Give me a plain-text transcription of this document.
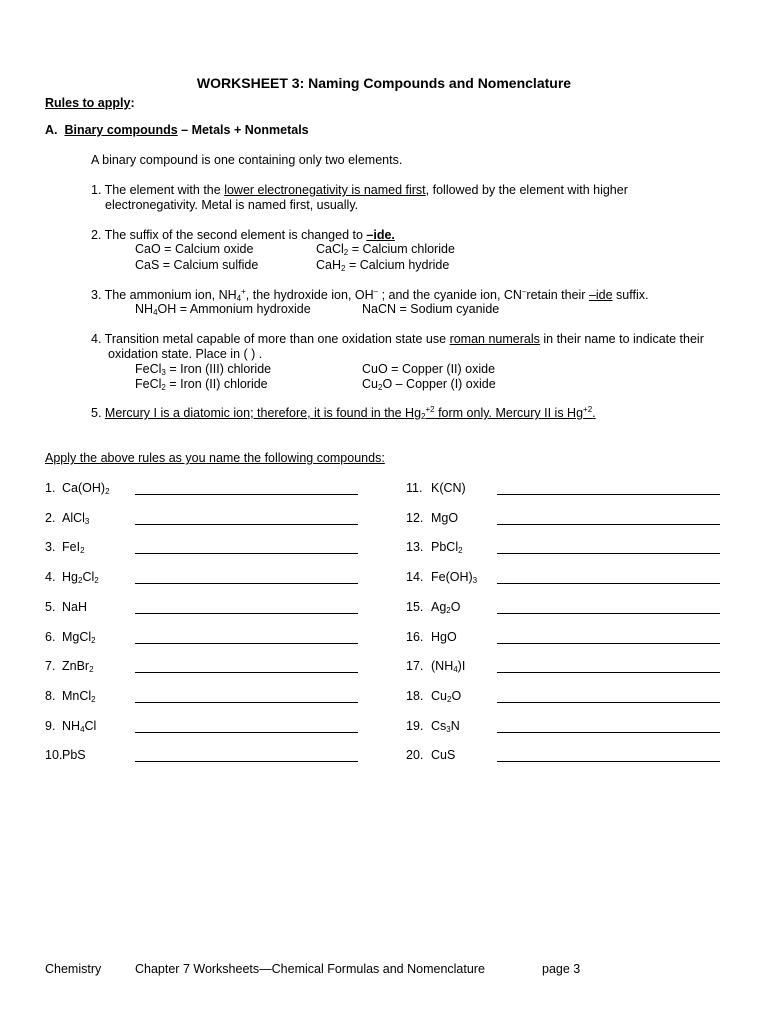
WORKSHEET 3: Naming Compounds and Nomenclature
Rules to apply:
A. Binary compounds – Metals + Nonmetals
A binary compound is one containing only two elements.
1. The element with the lower electronegativity is named first, followed by the element with higher
electronegativity. Metal is named first, usually.
2. The suffix of the second element is changed to –ide.
CaO = Calcium oxide	CaCl$_2$ = Calcium chloride
CaS = Calcium sulfide	CaH$_2$ = Calcium hydride
3. The ammonium ion, $NH_4^+$, the hydroxide ion, OH– ; and the cyanide ion, CN–retain their –ide suffix.
$NH_4OH$ = Ammonium hydroxide	NaCN = Sodium cyanide
4. Transition metal capable of more than one oxidation state use roman numerals in their name to indicate their
oxidation state. Place in ( ) .
FeCl$_3$ = Iron (III) chloride	CuO = Copper (II) oxide
FeCl$_2$ = Iron (II) chloride	$Cu_2O$ – Copper (I) oxide
5. Mercury I is a diatomic ion; therefore, it is found in the $Hg_2^{+2}$ form only. Mercury II is $Hg^{+2}$.
Apply the above rules as you name the following compounds:
1. $Ca(OH)_2$
2. AlCl$_3$
3. FeI$_2$
4. $Hg_2Cl_2$
5. NaH
6. MgCl$_2$
7. ZnBr$_2$
8. MnCl$_2$
9. $NH_4Cl$
10. PbS
11. K(CN)
12. MgO
13. PbCl$_2$
14. $Fe(OH)_3$
15. $Ag_2O$
16. HgO
17. $(NH_4)I$
18. $Cu_2O$
19. $Cs_3N$
20. CuS
Chemistry	Chapter 7 Worksheets—Chemical Formulas and Nomenclature	page 3
